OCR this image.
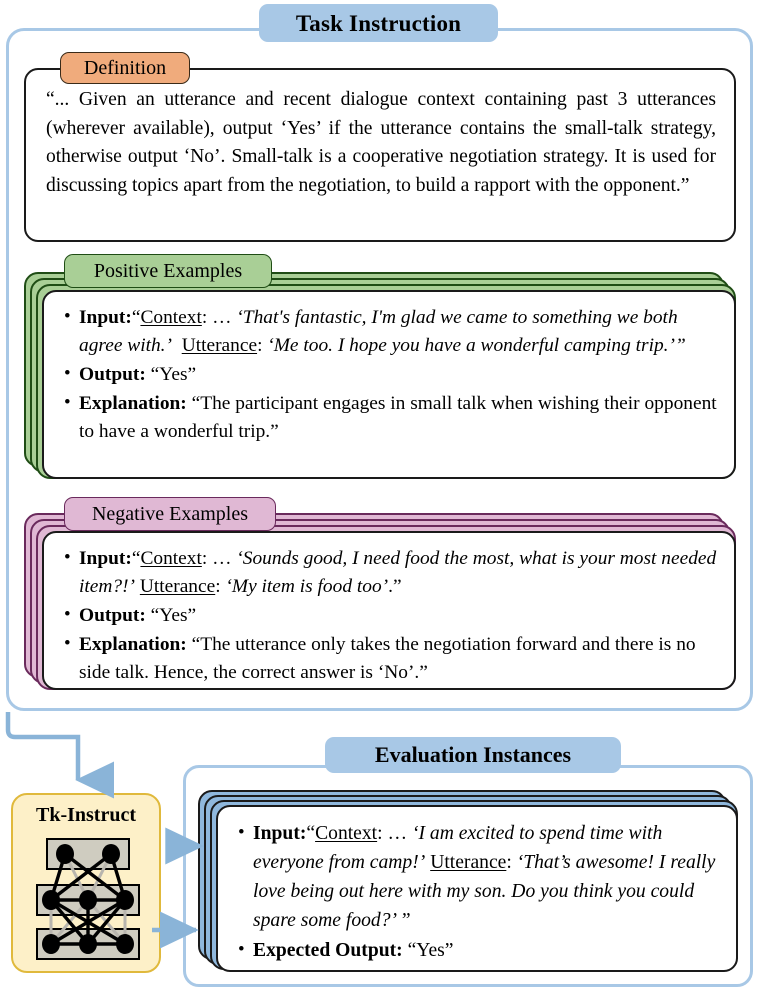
Task Instruction
“... Given an utterance and recent dialogue context containing past 3 utterances (wherever available), output ‘Yes’ if the utterance contains the small-talk strategy, otherwise output ‘No’. Small-talk is a cooperative negotiation strategy. It is used for discussing topics apart from the negotiation, to build a rapport with the opponent.”
Definition
• Input:“Context: … ‘That's fantastic, I'm glad we came to something we both agree with.’ Utterance: ‘Me too. I hope you have a wonderful camping trip.’”
• Output: “Yes”
• Explanation: “The participant engages in small talk when wishing their opponent to have a wonderful trip.”
Positive Examples
• Input:“Context: … ‘Sounds good, I need food the most, what is your most needed item?!’ Utterance: ‘My item is food too’.”
• Output: “Yes”
• Explanation: “The utterance only takes the negotiation forward and there is no side talk. Hence, the correct answer is ‘No’.”
Negative Examples
Evaluation Instances
• Input:“Context: … ‘I am excited to spend time with everyone from camp!’ Utterance: ‘That’s awesome! I really love being out here with my son. Do you think you could spare some food?’ ”
• Expected Output: “Yes”
Tk-Instruct
